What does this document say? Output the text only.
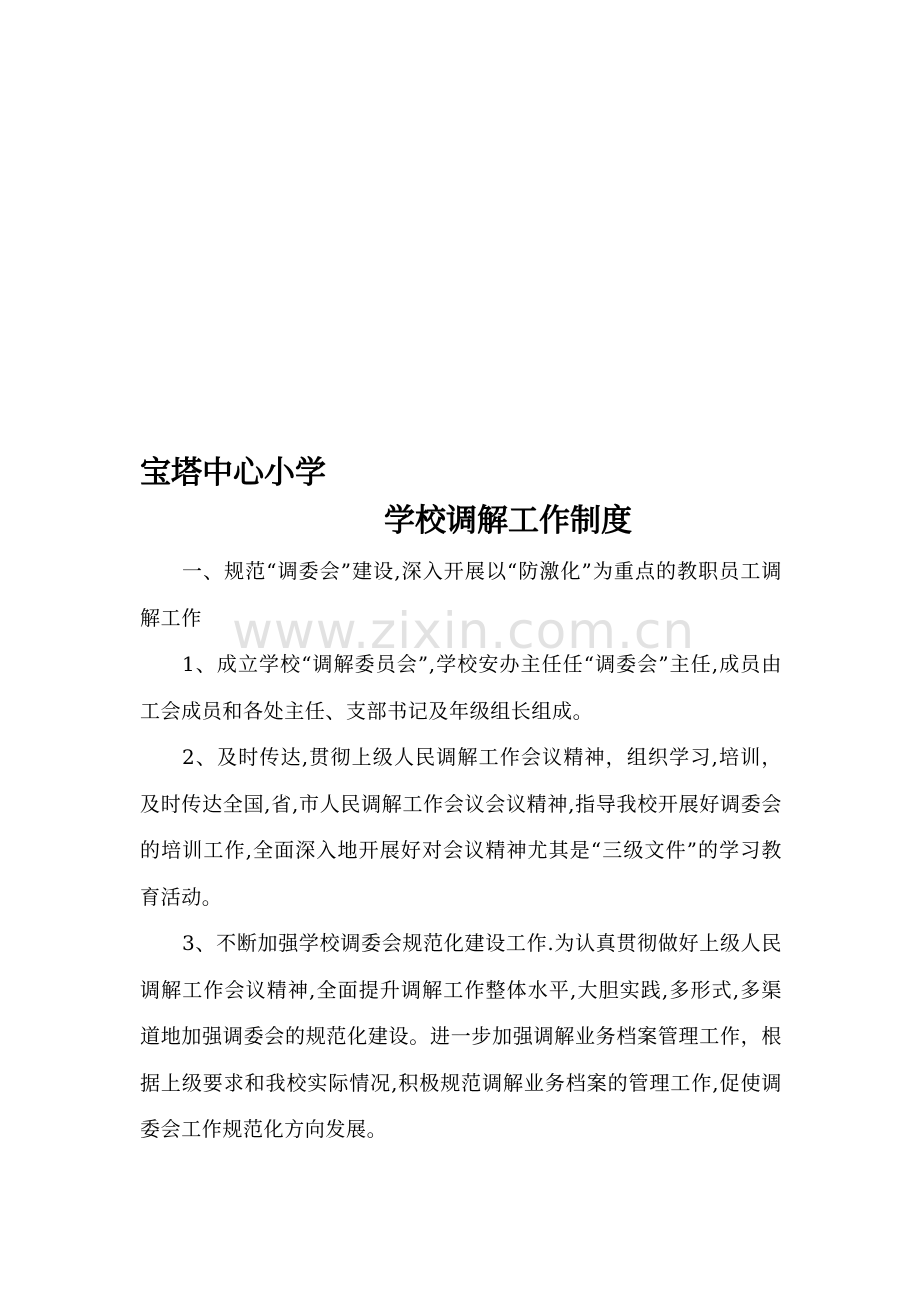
宝塔中心小学
学校调解工作制度

一、规范“调委会”建设,深入开展以“防激化”为重点的教职员工调解工作

1、成立学校“调解委员会”,学校安办主任任“调委会”主任,成员由工会成员和各处主任、支部书记及年级组长组成。

2、及时传达,贯彻上级人民调解工作会议精神，组织学习,培训，及时传达全国,省,市人民调解工作会议会议精神,指导我校开展好调委会的培训工作,全面深入地开展好对会议精神尤其是“三级文件”的学习教育活动。

3、不断加强学校调委会规范化建设工作.为认真贯彻做好上级人民调解工作会议精神,全面提升调解工作整体水平,大胆实践,多形式,多渠道地加强调委会的规范化建设。进一步加强调解业务档案管理工作，根据上级要求和我校实际情况,积极规范调解业务档案的管理工作,促使调委会工作规范化方向发展。

www.zixin.com.cn
